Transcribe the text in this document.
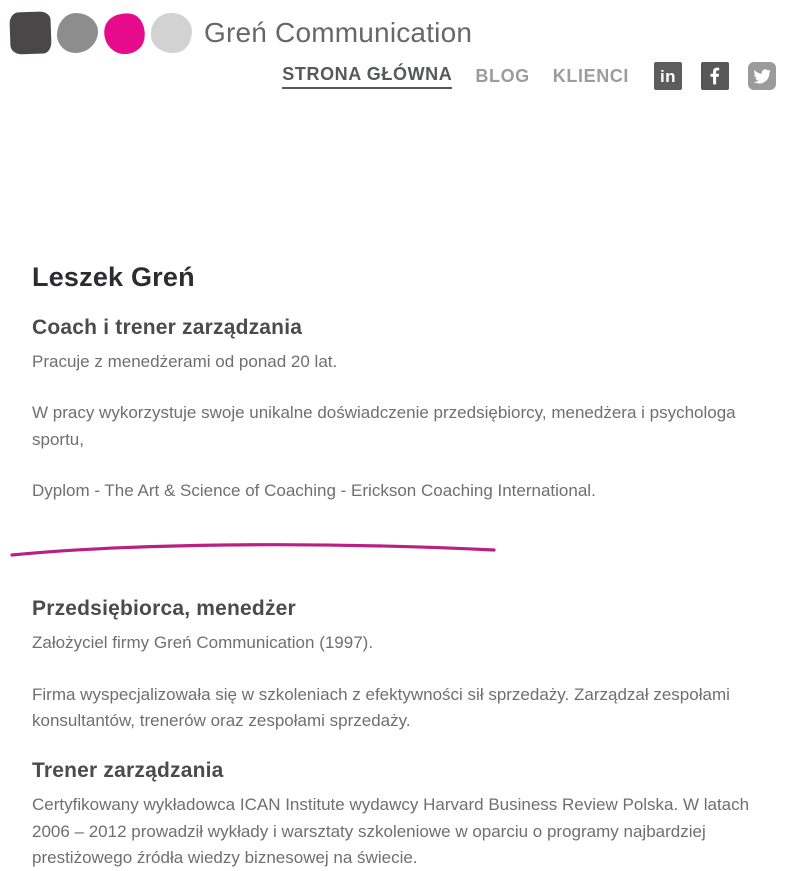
Greń Communication
STRONA GŁÓWNA BLOG KLIENCI in
Leszek Greń
Coach i trener zarządzania

Pracuje z menedżerami od ponad 20 lat.

W pracy wykorzystuje swoje unikalne doświadczenie przedsiębiorcy, menedżera i psychologa sportu,

Dyplom - The Art & Science of Coaching - Erickson Coaching International.

Przedsiębiorca, menedżer

Założyciel firmy Greń Communication (1997).

Firma wyspecjalizowała się w szkoleniach z efektywności sił sprzedaży. Zarządzał zespołami konsultantów, trenerów oraz zespołami sprzedaży.

Trener zarządzania

Certyfikowany wykładowca ICAN Institute wydawcy Harvard Business Review Polska. W latach 2006 – 2012 prowadził wykłady i warsztaty szkoleniowe w oparciu o programy najbardziej prestiżowego źródła wiedzy biznesowej na świecie.
